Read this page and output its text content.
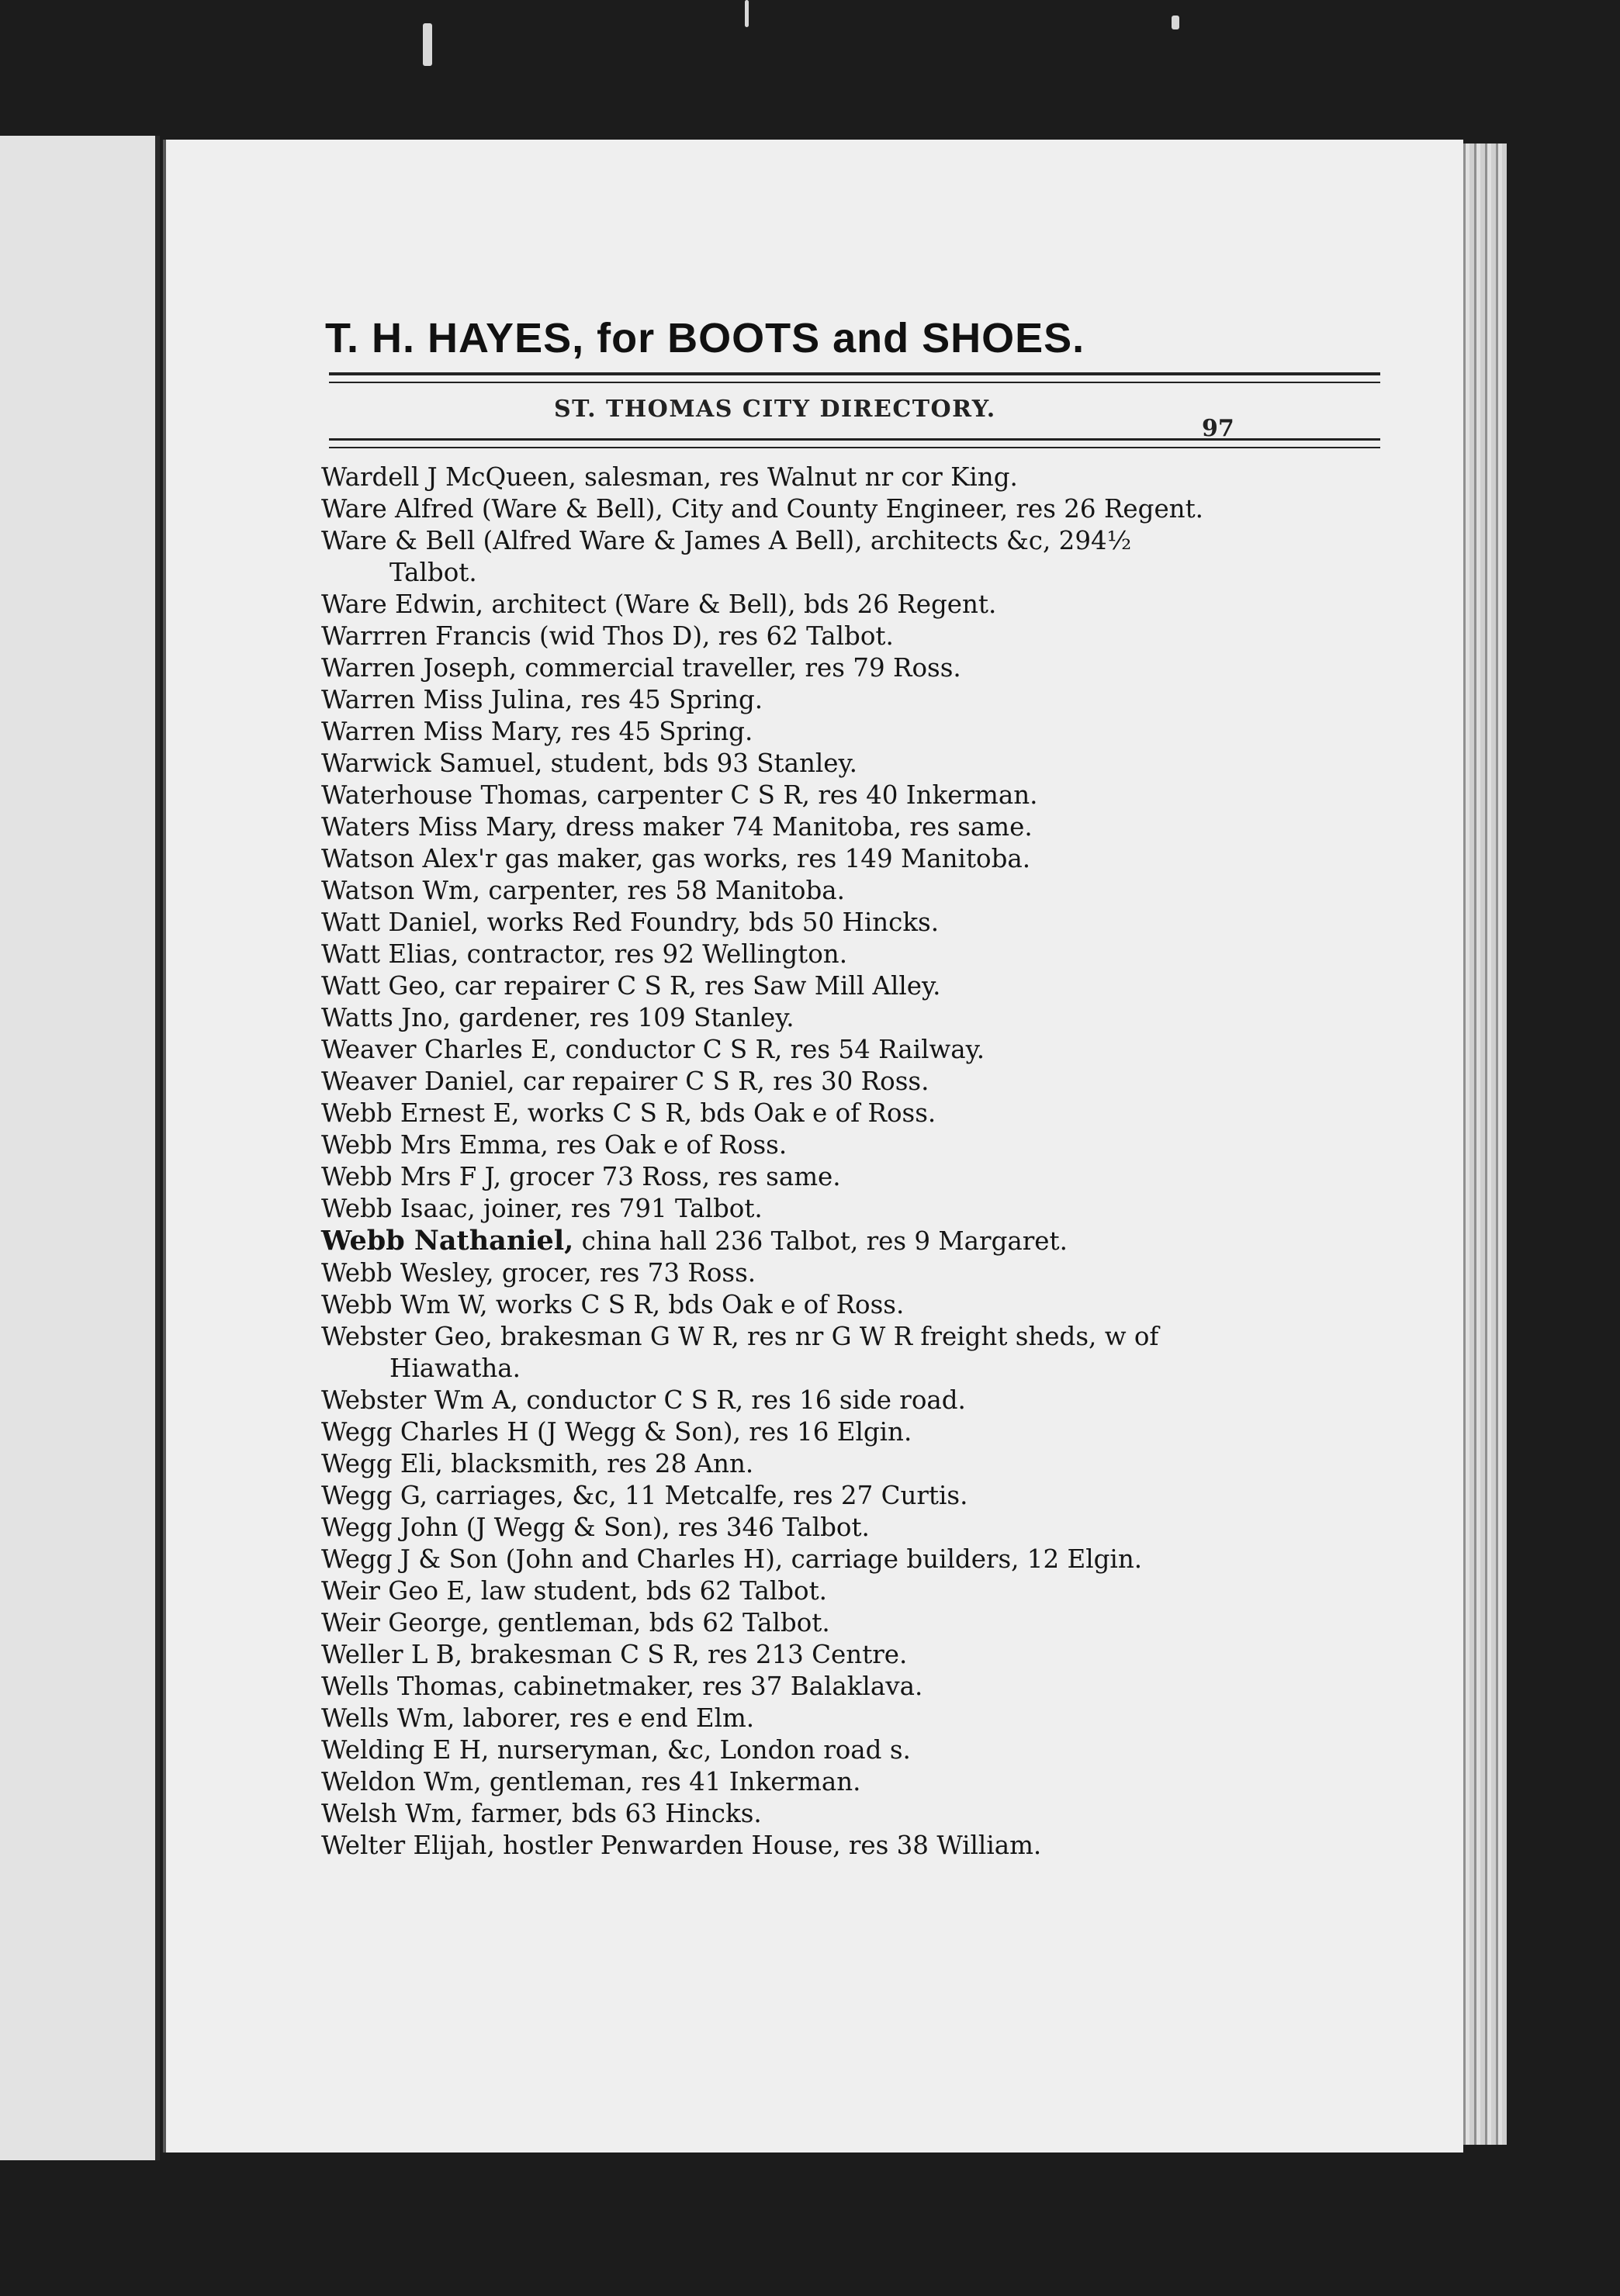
T. H. HAYES, for BOOTS and SHOES.
ST. THOMAS CITY DIRECTORY.
97
Wardell J McQueen, salesman, res Walnut nr cor King.
Ware Alfred (Ware & Bell), City and County Engineer, res 26 Regent.
Ware & Bell (Alfred Ware & James A Bell), architects &c, 294½
Talbot.
Ware Edwin, architect (Ware & Bell), bds 26 Regent.
Warrren Francis (wid Thos D), res 62 Talbot.
Warren Joseph, commercial traveller, res 79 Ross.
Warren Miss Julina, res 45 Spring.
Warren Miss Mary, res 45 Spring.
Warwick Samuel, student, bds 93 Stanley.
Waterhouse Thomas, carpenter C S R, res 40 Inkerman.
Waters Miss Mary, dress maker 74 Manitoba, res same.
Watson Alex'r gas maker, gas works, res 149 Manitoba.
Watson Wm, carpenter, res 58 Manitoba.
Watt Daniel, works Red Foundry, bds 50 Hincks.
Watt Elias, contractor, res 92 Wellington.
Watt Geo, car repairer C S R, res Saw Mill Alley.
Watts Jno, gardener, res 109 Stanley.
Weaver Charles E, conductor C S R, res 54 Railway.
Weaver Daniel, car repairer C S R, res 30 Ross.
Webb Ernest E, works C S R, bds Oak e of Ross.
Webb Mrs Emma, res Oak e of Ross.
Webb Mrs F J, grocer 73 Ross, res same.
Webb Isaac, joiner, res 791 Talbot.
Webb Nathaniel, china hall 236 Talbot, res 9 Margaret.
Webb Wesley, grocer, res 73 Ross.
Webb Wm W, works C S R, bds Oak e of Ross.
Webster Geo, brakesman G W R, res nr G W R freight sheds, w of
Hiawatha.
Webster Wm A, conductor C S R, res 16 side road.
Wegg Charles H (J Wegg & Son), res 16 Elgin.
Wegg Eli, blacksmith, res 28 Ann.
Wegg G, carriages, &c, 11 Metcalfe, res 27 Curtis.
Wegg John (J Wegg & Son), res 346 Talbot.
Wegg J & Son (John and Charles H), carriage builders, 12 Elgin.
Weir Geo E, law student, bds 62 Talbot.
Weir George, gentleman, bds 62 Talbot.
Weller L B, brakesman C S R, res 213 Centre.
Wells Thomas, cabinetmaker, res 37 Balaklava.
Wells Wm, laborer, res e end Elm.
Welding E H, nurseryman, &c, London road s.
Weldon Wm, gentleman, res 41 Inkerman.
Welsh Wm, farmer, bds 63 Hincks.
Welter Elijah, hostler Penwarden House, res 38 William.
